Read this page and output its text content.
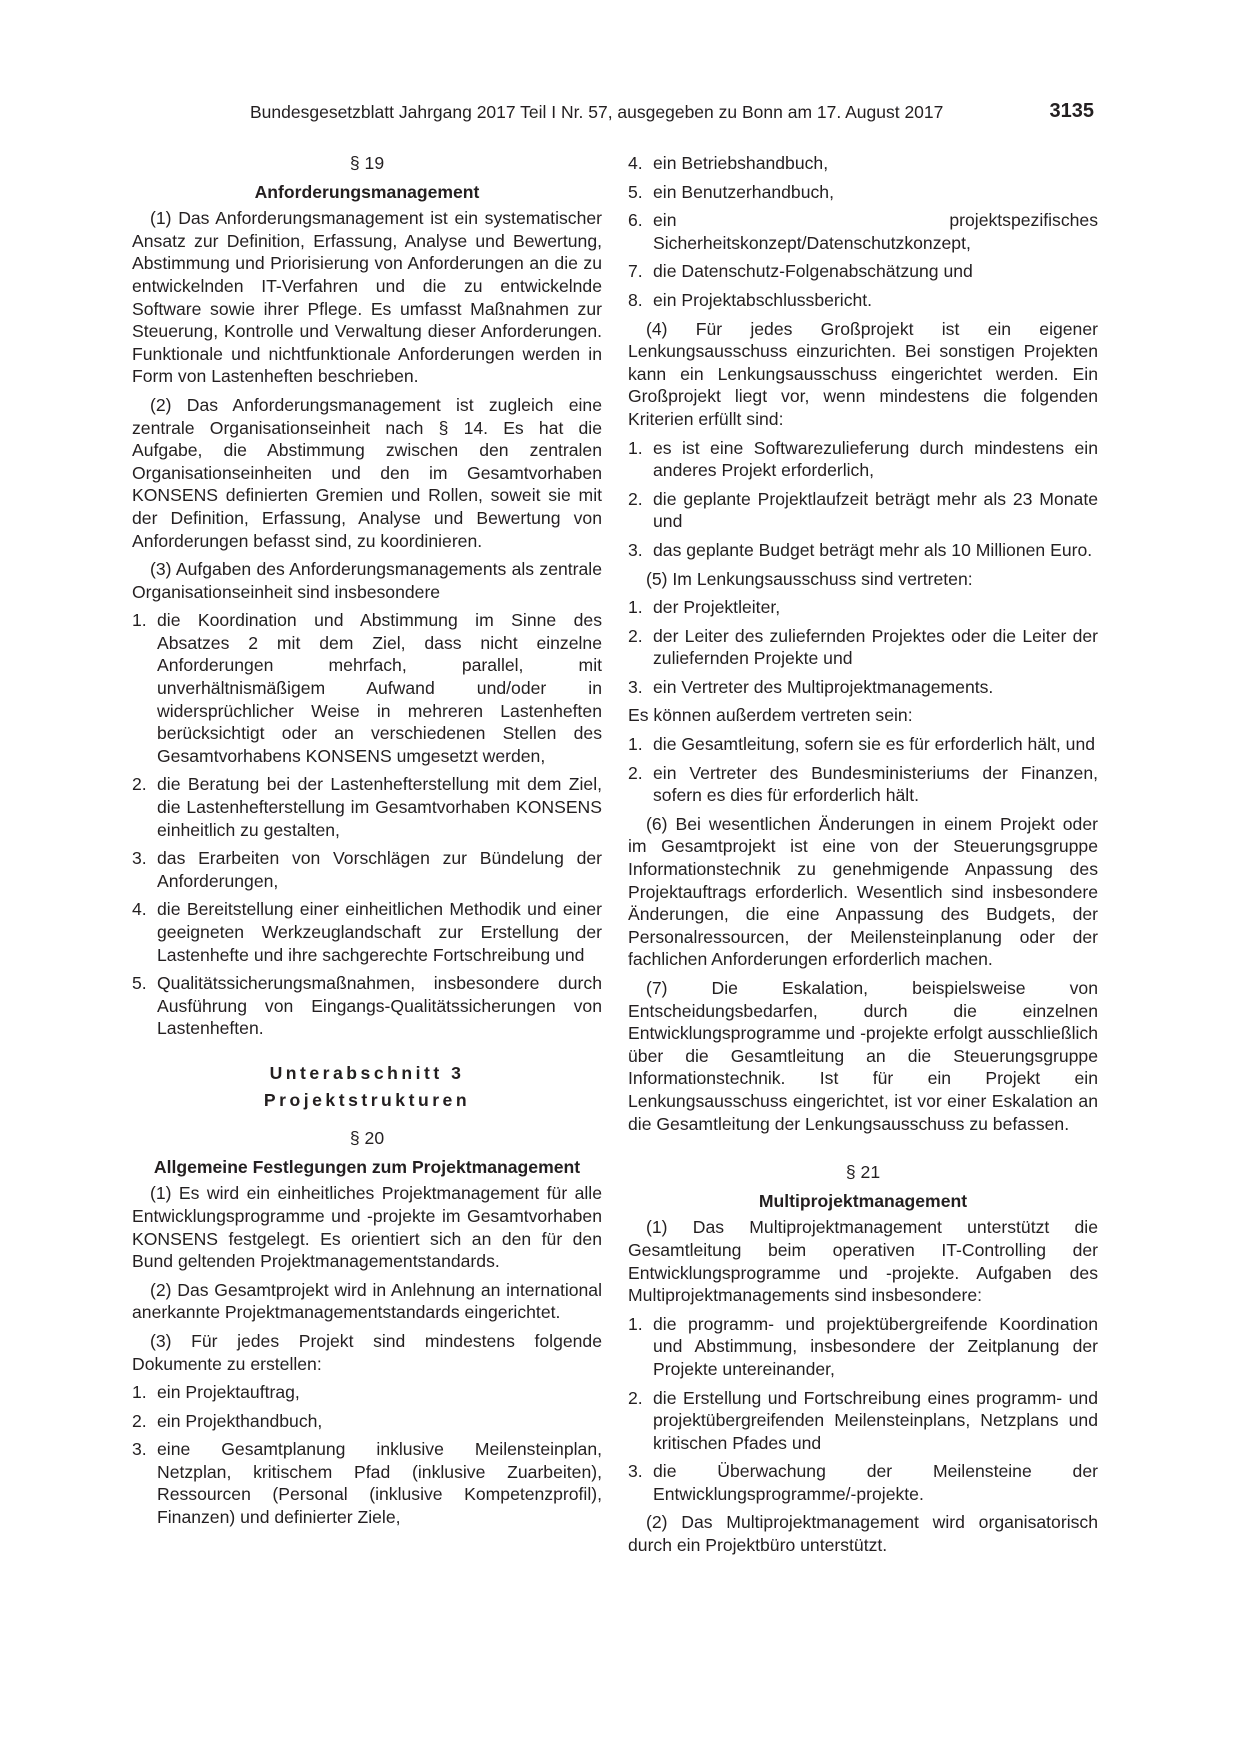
Bundesgesetzblatt Jahrgang 2017 Teil I Nr. 57, ausgegeben zu Bonn am 17. August 2017	3135
§ 19
Anforderungsmanagement

(1) Das Anforderungsmanagement ist ein systematischer Ansatz zur Definition, Erfassung, Analyse und Bewertung, Abstimmung und Priorisierung von Anforderungen an die zu entwickelnden IT-Verfahren und die zu entwickelnde Software sowie ihrer Pflege. Es umfasst Maßnahmen zur Steuerung, Kontrolle und Verwaltung dieser Anforderungen. Funktionale und nichtfunktionale Anforderungen werden in Form von Lastenheften beschrieben.

(2) Das Anforderungsmanagement ist zugleich eine zentrale Organisationseinheit nach § 14. Es hat die Aufgabe, die Abstimmung zwischen den zentralen Organisationseinheiten und den im Gesamtvorhaben KONSENS definierten Gremien und Rollen, soweit sie mit der Definition, Erfassung, Analyse und Bewertung von Anforderungen befasst sind, zu koordinieren.

(3) Aufgaben des Anforderungsmanagements als zentrale Organisationseinheit sind insbesondere

1. die Koordination und Abstimmung im Sinne des Absatzes 2 mit dem Ziel, dass nicht einzelne Anforderungen mehrfach, parallel, mit unverhältnismäßigem Aufwand und/oder in widersprüchlicher Weise in mehreren Lastenheften berücksichtigt oder an verschiedenen Stellen des Gesamtvorhabens KONSENS umgesetzt werden,
2. die Beratung bei der Lastenhefterstellung mit dem Ziel, die Lastenhefterstellung im Gesamtvorhaben KONSENS einheitlich zu gestalten,
3. das Erarbeiten von Vorschlägen zur Bündelung der Anforderungen,
4. die Bereitstellung einer einheitlichen Methodik und einer geeigneten Werkzeuglandschaft zur Erstellung der Lastenhefte und ihre sachgerechte Fortschreibung und
5. Qualitätssicherungsmaßnahmen, insbesondere durch Ausführung von Eingangs-Qualitätssicherungen von Lastenheften.
Unterabschnitt 3
Projektstrukturen
§ 20
Allgemeine Festlegungen zum Projektmanagement

(1) Es wird ein einheitliches Projektmanagement für alle Entwicklungsprogramme und -projekte im Gesamtvorhaben KONSENS festgelegt. Es orientiert sich an den für den Bund geltenden Projektmanagementstandards.

(2) Das Gesamtprojekt wird in Anlehnung an international anerkannte Projektmanagementstandards eingerichtet.

(3) Für jedes Projekt sind mindestens folgende Dokumente zu erstellen:

1. ein Projektauftrag,
2. ein Projekthandbuch,
3. eine Gesamtplanung inklusive Meilensteinplan, Netzplan, kritischem Pfad (inklusive Zuarbeiten), Ressourcen (Personal (inklusive Kompetenzprofil), Finanzen) und definierter Ziele,
4. ein Betriebshandbuch,
5. ein Benutzerhandbuch,
6. ein projektspezifisches Sicherheitskonzept/Datenschutzkonzept,
7. die Datenschutz-Folgenabschätzung und
8. ein Projektabschlussbericht.

(4) Für jedes Großprojekt ist ein eigener Lenkungsausschuss einzurichten. Bei sonstigen Projekten kann ein Lenkungsausschuss eingerichtet werden. Ein Großprojekt liegt vor, wenn mindestens die folgenden Kriterien erfüllt sind:

1. es ist eine Softwarezulieferung durch mindestens ein anderes Projekt erforderlich,
2. die geplante Projektlaufzeit beträgt mehr als 23 Monate und
3. das geplante Budget beträgt mehr als 10 Millionen Euro.

(5) Im Lenkungsausschuss sind vertreten:

1. der Projektleiter,
2. der Leiter des zuliefernden Projektes oder die Leiter der zuliefernden Projekte und
3. ein Vertreter des Multiprojektmanagements.

Es können außerdem vertreten sein:

1. die Gesamtleitung, sofern sie es für erforderlich hält, und
2. ein Vertreter des Bundesministeriums der Finanzen, sofern es dies für erforderlich hält.

(6) Bei wesentlichen Änderungen in einem Projekt oder im Gesamtprojekt ist eine von der Steuerungsgruppe Informationstechnik zu genehmigende Anpassung des Projektauftrags erforderlich. Wesentlich sind insbesondere Änderungen, die eine Anpassung des Budgets, der Personalressourcen, der Meilensteinplanung oder der fachlichen Anforderungen erforderlich machen.

(7) Die Eskalation, beispielsweise von Entscheidungsbedarfen, durch die einzelnen Entwicklungsprogramme und -projekte erfolgt ausschließlich über die Gesamtleitung an die Steuerungsgruppe Informationstechnik. Ist für ein Projekt ein Lenkungsausschuss eingerichtet, ist vor einer Eskalation an die Gesamtleitung der Lenkungsausschuss zu befassen.

§ 21
Multiprojektmanagement

(1) Das Multiprojektmanagement unterstützt die Gesamtleitung beim operativen IT-Controlling der Entwicklungsprogramme und -projekte. Aufgaben des Multiprojektmanagements sind insbesondere:

1. die programm- und projektübergreifende Koordination und Abstimmung, insbesondere der Zeitplanung der Projekte untereinander,
2. die Erstellung und Fortschreibung eines programm- und projektübergreifenden Meilensteinplans, Netzplans und kritischen Pfades und
3. die Überwachung der Meilensteine der Entwicklungsprogramme/-projekte.

(2) Das Multiprojektmanagement wird organisatorisch durch ein Projektbüro unterstützt.
